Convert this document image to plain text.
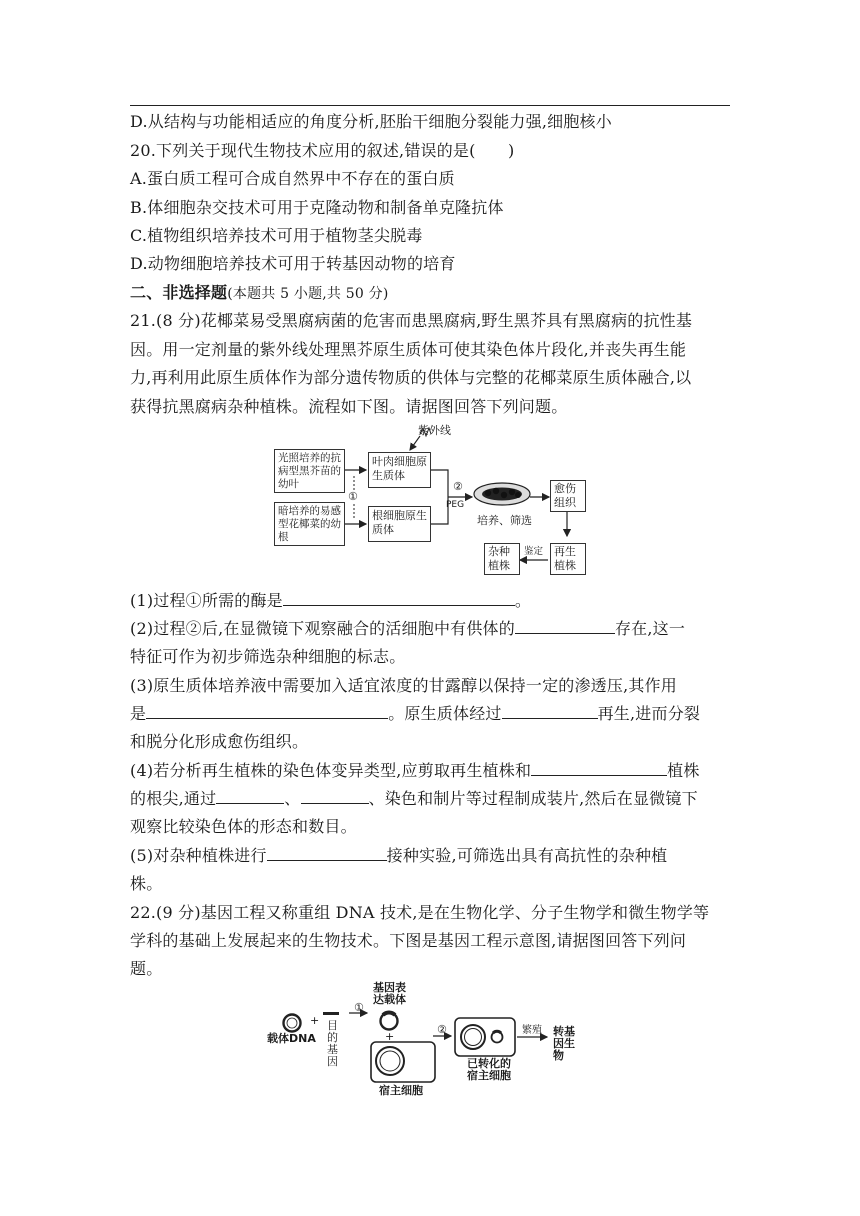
D.从结构与功能相适应的角度分析,胚胎干细胞分裂能力强,细胞核小
20.下列关于现代生物技术应用的叙述,错误的是(　　)
A.蛋白质工程可合成自然界中不存在的蛋白质
B.体细胞杂交技术可用于克隆动物和制备单克隆抗体
C.植物组织培养技术可用于植物茎尖脱毒
D.动物细胞培养技术可用于转基因动物的培育
二、非选择题(本题共 5 小题,共 50 分)
21.(8 分)花椰菜易受黑腐病菌的危害而患黑腐病,野生黑芥具有黑腐病的抗性基
因。用一定剂量的紫外线处理黑芥原生质体可使其染色体片段化,并丧失再生能
力,再利用此原生质体作为部分遗传物质的供体与完整的花椰菜原生质体融合,以
获得抗黑腐病杂种植株。流程如下图。请据图回答下列问题。
紫外线
光照培养的抗病型黑芥苗的幼叶
暗培养的易感型花椰菜的幼根
①
叶肉细胞原生质体
根细胞原生质体
②
PEG
培养、筛选
愈伤组织
再生植株
鉴定
杂种植株
(1)过程①所需的酶是	。
(2)过程②后,在显微镜下观察融合的活细胞中有供体的	存在,这一
特征可作为初步筛选杂种细胞的标志。
(3)原生质体培养液中需要加入适宜浓度的甘露醇以保持一定的渗透压,其作用
是	。原生质体经过	再生,进而分裂
和脱分化形成愈伤组织。
(4)若分析再生植株的染色体变异类型,应剪取再生植株和	植株
的根尖,通过	、	、染色和制片等过程制成装片,然后在显微镜下
观察比较染色体的形态和数目。
(5)对杂种植株进行	接种实验,可筛选出具有高抗性的杂种植
株。
22.(9 分)基因工程又称重组 DNA 技术,是在生物化学、分子生物学和微生物学等
学科的基础上发展起来的生物技术。下图是基因工程示意图,请据图回答下列问
题。
载体DNA
+ 目的基因
①
基因表达载体
+
宿主细胞
②
已转化的宿主细胞
繁殖 转基因生物
